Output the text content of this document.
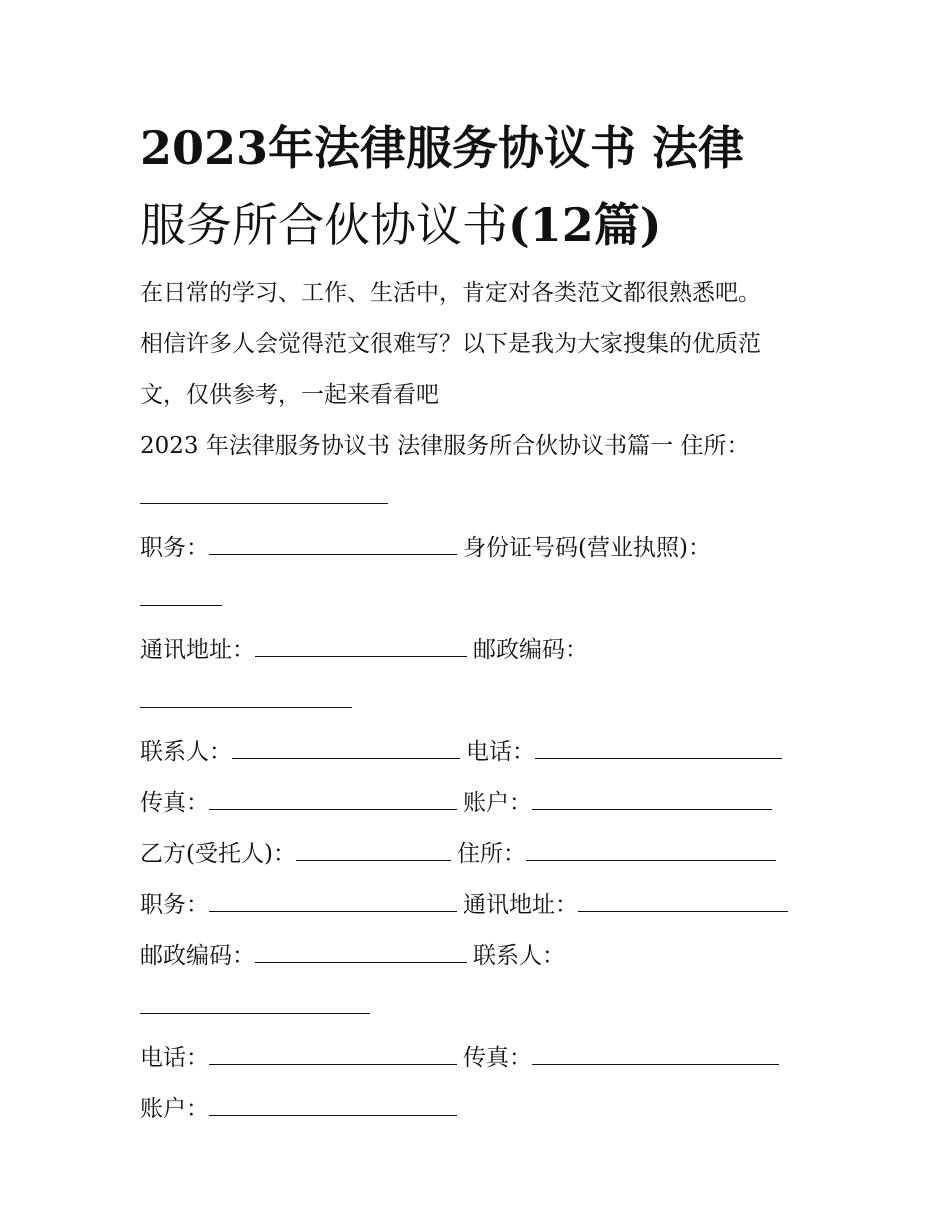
2023年法律服务协议书 法律
服务所合伙协议书(12篇)
在日常的学习、工作、生活中，肯定对各类范文都很熟悉吧。
相信许多人会觉得范文很难写？以下是我为大家搜集的优质范
文，仅供参考，一起来看看吧
2023 年法律服务协议书 法律服务所合伙协议书篇一 住所：
职务：	身份证号码(营业执照)：
通讯地址：	邮政编码：
联系人：	电话：
传真：	账户：
乙方(受托人)：	住所：
职务：	通讯地址：
邮政编码：	联系人：
电话：	传真：
账户：
